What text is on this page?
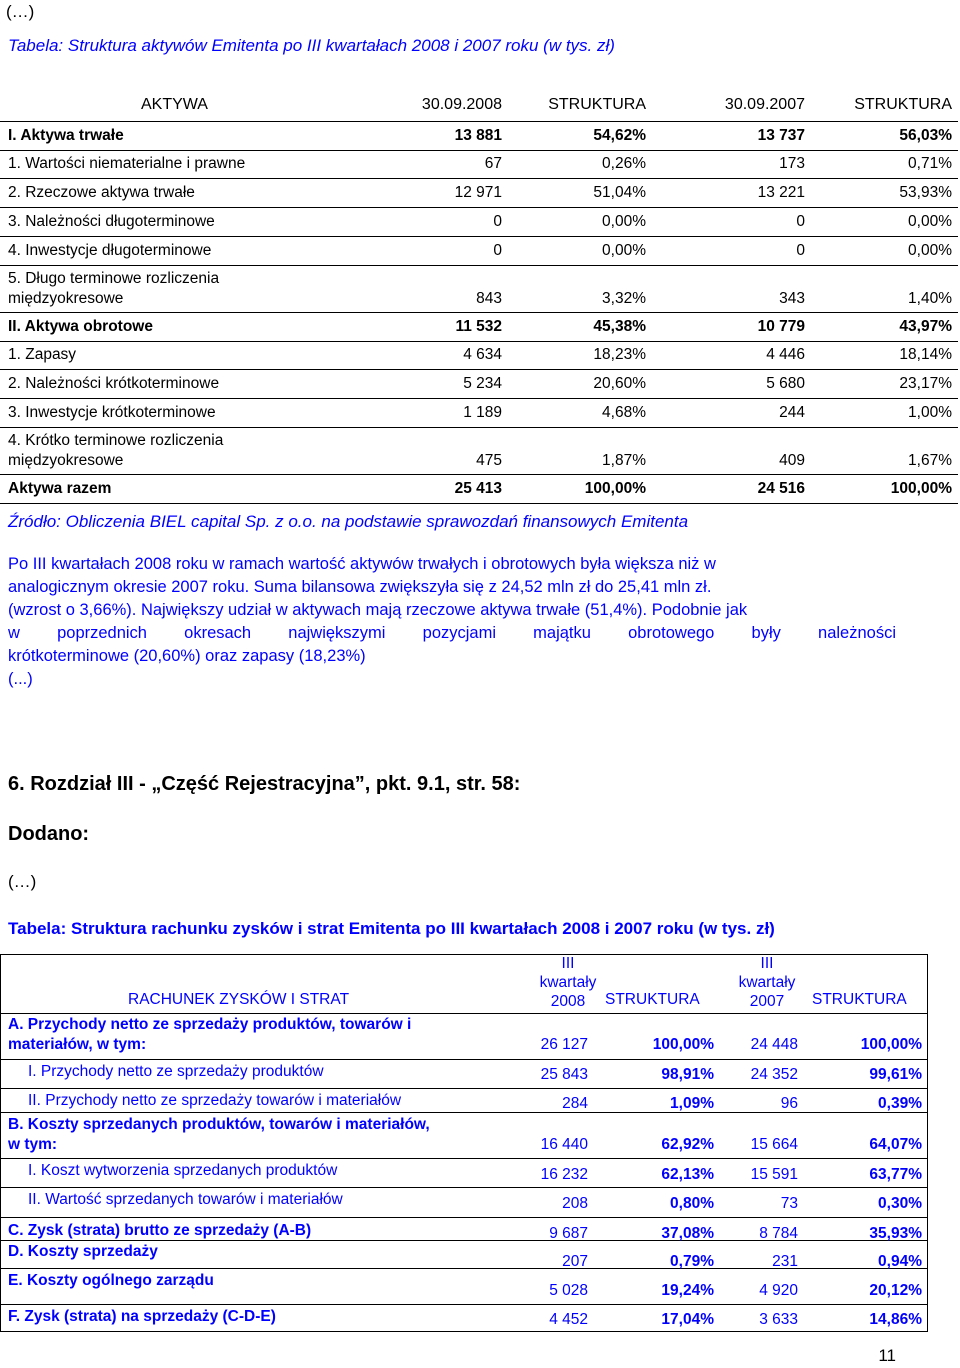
(…)
Tabela: Struktura aktywów Emitenta po III kwartałach 2008 i 2007 roku (w tys. zł)
AKTYWA	30.09.2008	STRUKTURA	30.09.2007	STRUKTURA
I. Aktywa trwałe	13 881	54,62%	13 737	56,03%
1. Wartości niematerialne i prawne	67	0,26%	173	0,71%
2. Rzeczowe aktywa trwałe	12 971	51,04%	13 221	53,93%
3. Należności długoterminowe	0	0,00%	0	0,00%
4. Inwestycje długoterminowe	0	0,00%	0	0,00%
5. Długo terminowe rozliczenia
międzyokresowe	843	3,32%	343	1,40%
II. Aktywa obrotowe	11 532	45,38%	10 779	43,97%
1. Zapasy	4 634	18,23%	4 446	18,14%
2. Należności krótkoterminowe	5 234	20,60%	5 680	23,17%
3. Inwestycje krótkoterminowe	1 189	4,68%	244	1,00%
4. Krótko terminowe rozliczenia
międzyokresowe	475	1,87%	409	1,67%
Aktywa razem	25 413	100,00%	24 516	100,00%
Źródło: Obliczenia BIEL capital Sp. z o.o. na podstawie sprawozdań finansowych Emitenta

Po III kwartałach 2008 roku w ramach wartość aktywów trwałych i obrotowych była większa niż w

analogicznym okresie 2007 roku. Suma bilansowa zwiększyła się z 24,52 mln zł do 25,41 mln zł.

(wzrost o 3,66%). Największy udział w aktywach mają rzeczowe aktywa trwałe (51,4%). Podobnie jak

w poprzednich okresach największymi pozycjami majątku obrotowego były należności

krótkoterminowe (20,60%) oraz zapasy (18,23%)

(...)

6. Rozdział III - „Część Rejestracyjna”, pkt. 9.1, str. 58:
Dodano:
(…)
Tabela: Struktura rachunku zysków i strat Emitenta po III kwartałach 2008 i 2007 roku (w tys. zł)
RACHUNEK ZYSKÓW I STRAT
III
kwartały
2008	STRUKTURA
III
kwartały
2007	STRUKTURA
A. Przychody netto ze sprzedaży produktów, towarów i
materiałów, w tym:	26 127	100,00% 24 448	100,00%
I. Przychody netto ze sprzedaży produktów	25 843	98,91% 24 352	99,61%
II. Przychody netto ze sprzedaży towarów i materiałów	284	1,09%	96	0,39%
B. Koszty sprzedanych produktów, towarów i materiałów,
w tym:	16 440	62,92% 15 664	64,07%
I. Koszt wytworzenia sprzedanych produktów	16 232	62,13% 15 591	63,77%
II. Wartość sprzedanych towarów i materiałów	208	0,80%	73	0,30%
C. Zysk (strata) brutto ze sprzedaży (A-B)	9 687	37,08%	8 784	35,93%
D. Koszty sprzedaży
207	0,79%	231	0,94%
E. Koszty ogólnego zarządu
5 028	19,24%	4 920	20,12%
F. Zysk (strata) na sprzedaży (C-D-E)	4 452	17,04%	3 633	14,86%
11
